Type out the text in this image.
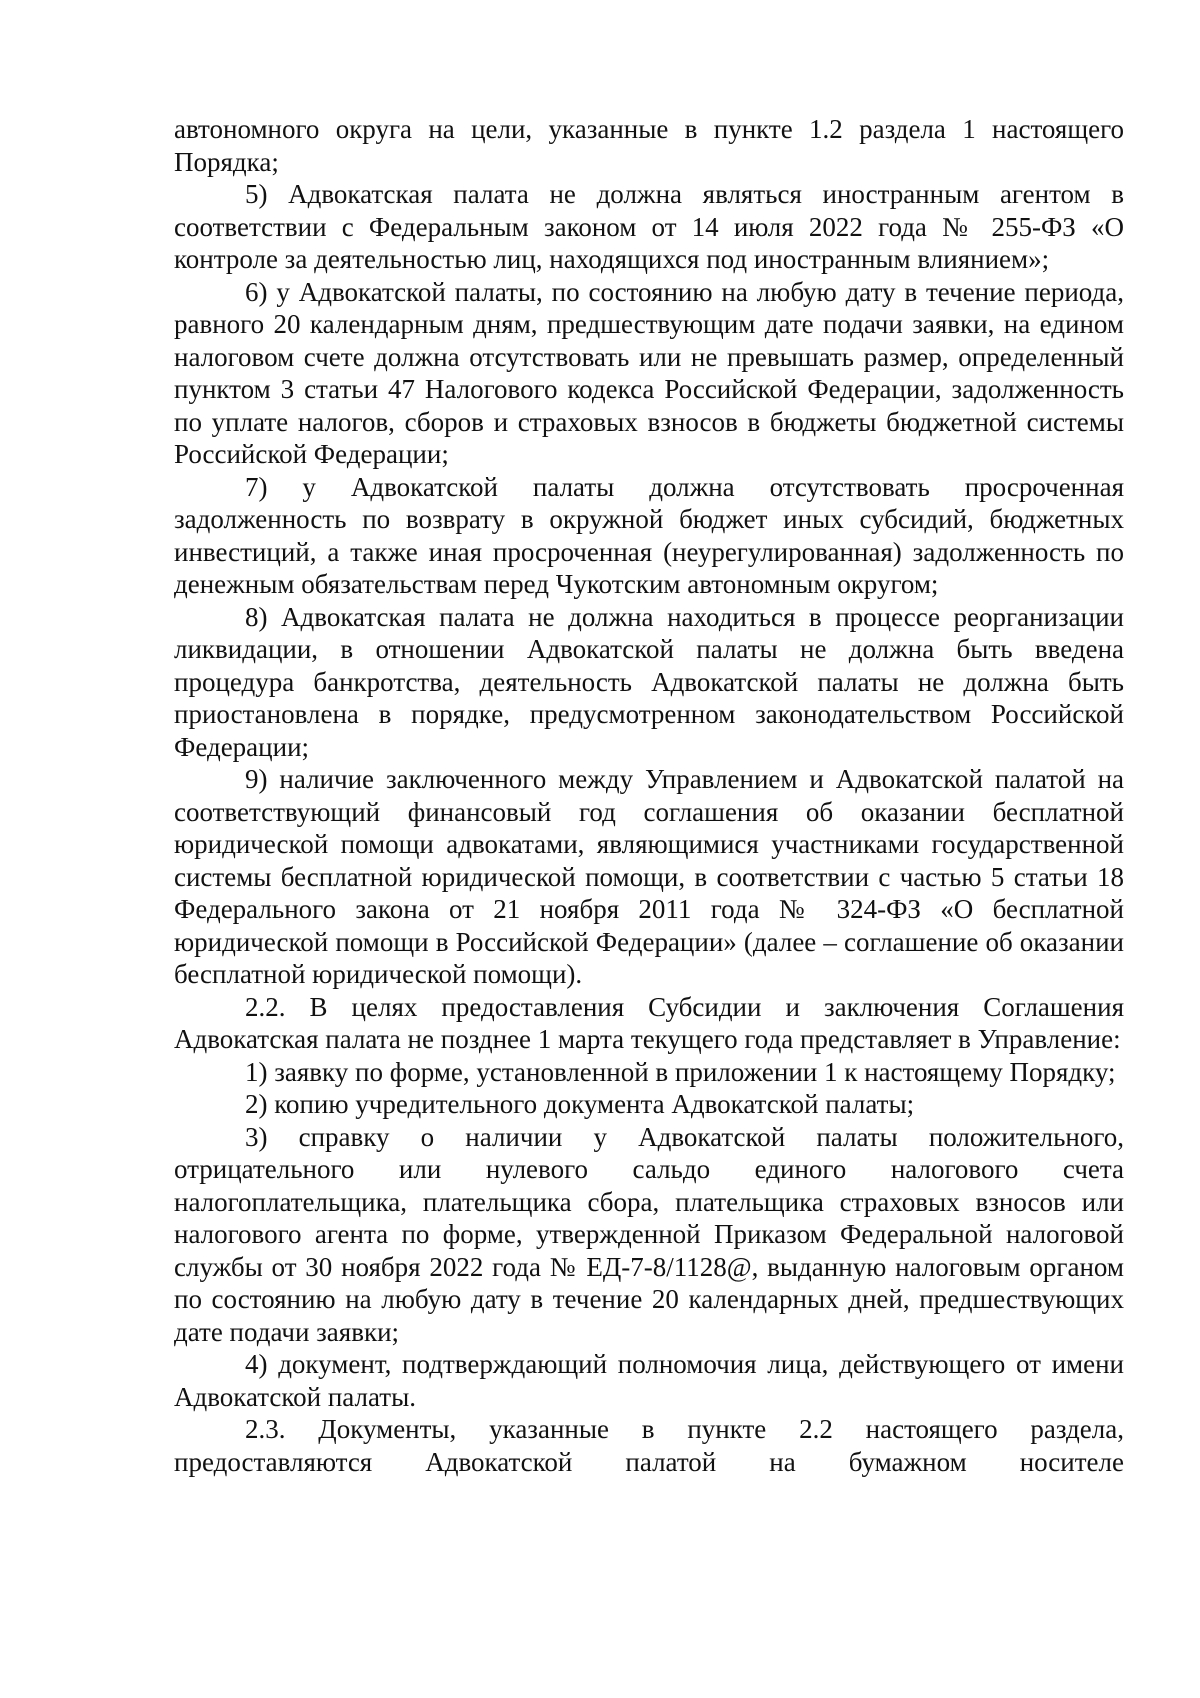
автономного округа на цели, указанные в пункте 1.2 раздела 1 настоящего Порядка;

5) Адвокатская палата не должна являться иностранным агентом в соответствии с Федеральным законом от 14 июля 2022 года № 255-ФЗ «О контроле за деятельностью лиц, находящихся под иностранным влиянием»;

6) у Адвокатской палаты, по состоянию на любую дату в течение периода, равного 20 календарным дням, предшествующим дате подачи заявки, на едином налоговом счете должна отсутствовать или не превышать размер, определенный пунктом 3 статьи 47 Налогового кодекса Российской Федерации, задолженность по уплате налогов, сборов и страховых взносов в бюджеты бюджетной системы Российской Федерации;

7) у Адвокатской палаты должна отсутствовать просроченная задолженность по возврату в окружной бюджет иных субсидий, бюджетных инвестиций, а также иная просроченная (неурегулированная) задолженность по денежным обязательствам перед Чукотским автономным округом;

8) Адвокатская палата не должна находиться в процессе реорганизации ликвидации, в отношении Адвокатской палаты не должна быть введена процедура банкротства, деятельность Адвокатской палаты не должна быть приостановлена в порядке, предусмотренном законодательством Российской Федерации;

9) наличие заключенного между Управлением и Адвокатской палатой на соответствующий финансовый год соглашения об оказании бесплатной юридической помощи адвокатами, являющимися участниками государственной системы бесплатной юридической помощи, в соответствии с частью 5 статьи 18 Федерального закона от 21 ноября 2011 года № 324-ФЗ «О бесплатной юридической помощи в Российской Федерации» (далее – соглашение об оказании бесплатной юридической помощи).

2.2. В целях предоставления Субсидии и заключения Соглашения Адвокатская палата не позднее 1 марта текущего года представляет в Управление:

1) заявку по форме, установленной в приложении 1 к настоящему Порядку;

2) копию учредительного документа Адвокатской палаты;

3) справку о наличии у Адвокатской палаты положительного, отрицательного или нулевого сальдо единого налогового счета налогоплательщика, плательщика сбора, плательщика страховых взносов или налогового агента по форме, утвержденной Приказом Федеральной налоговой службы от 30 ноября 2022 года № ЕД-7-8/1128@, выданную налоговым органом по состоянию на любую дату в течение 20 календарных дней, предшествующих дате подачи заявки;

4) документ, подтверждающий полномочия лица, действующего от имени Адвокатской палаты.

2.3. Документы, указанные в пункте 2.2 настоящего раздела, предоставляются Адвокатской палатой на бумажном носителе
